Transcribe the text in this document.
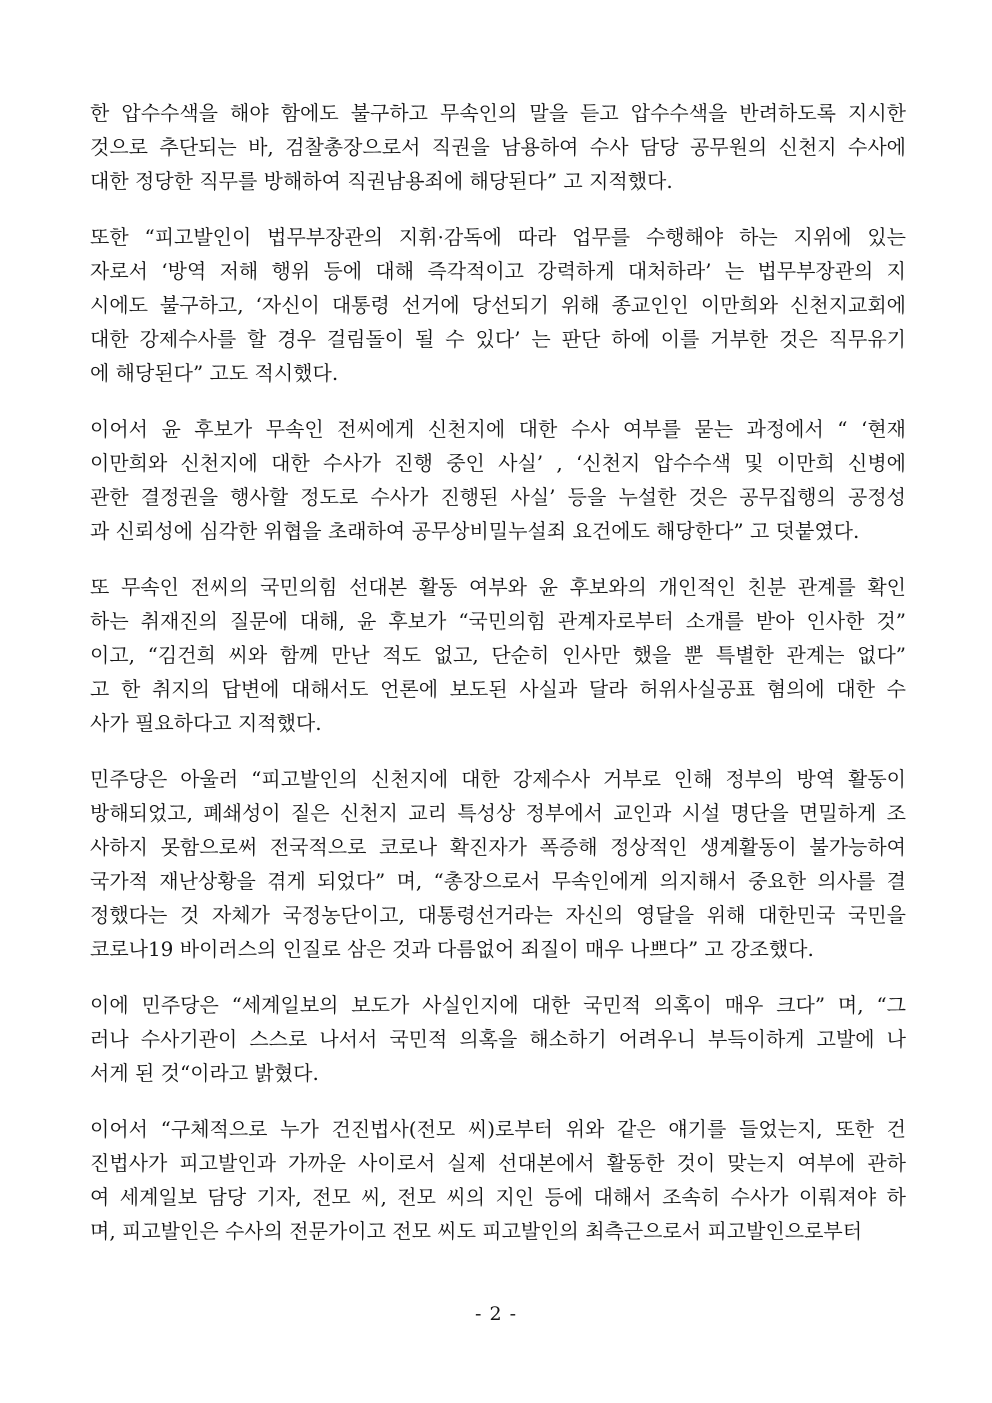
한 압수수색을 해야 함에도 불구하고 무속인의 말을 듣고 압수수색을 반려하도록 지시한
것으로 추단되는 바, 검찰총장으로서 직권을 남용하여 수사 담당 공무원의 신천지 수사에
대한 정당한 직무를 방해하여 직권남용죄에 해당된다” 고 지적했다.
또한 “피고발인이 법무부장관의 지휘·감독에 따라 업무를 수행해야 하는 지위에 있는
자로서 ‘방역 저해 행위 등에 대해 즉각적이고 강력하게 대처하라’ 는 법무부장관의 지
시에도 불구하고, ‘자신이 대통령 선거에 당선되기 위해 종교인인 이만희와 신천지교회에
대한 강제수사를 할 경우 걸림돌이 될 수 있다’ 는 판단 하에 이를 거부한 것은 직무유기
에 해당된다” 고도 적시했다.
이어서 윤 후보가 무속인 전씨에게 신천지에 대한 수사 여부를 묻는 과정에서 “ ‘현재
이만희와 신천지에 대한 수사가 진행 중인 사실’ , ‘신천지 압수수색 및 이만희 신병에
관한 결정권을 행사할 정도로 수사가 진행된 사실’ 등을 누설한 것은 공무집행의 공정성
과 신뢰성에 심각한 위협을 초래하여 공무상비밀누설죄 요건에도 해당한다” 고 덧붙였다.
또 무속인 전씨의 국민의힘 선대본 활동 여부와 윤 후보와의 개인적인 친분 관계를 확인
하는 취재진의 질문에 대해, 윤 후보가 “국민의힘 관계자로부터 소개를 받아 인사한 것”
이고, “김건희 씨와 함께 만난 적도 없고, 단순히 인사만 했을 뿐 특별한 관계는 없다”
고 한 취지의 답변에 대해서도 언론에 보도된 사실과 달라 허위사실공표 혐의에 대한 수
사가 필요하다고 지적했다.
민주당은 아울러 “피고발인의 신천지에 대한 강제수사 거부로 인해 정부의 방역 활동이
방해되었고, 폐쇄성이 짙은 신천지 교리 특성상 정부에서 교인과 시설 명단을 면밀하게 조
사하지 못함으로써 전국적으로 코로나 확진자가 폭증해 정상적인 생계활동이 불가능하여
국가적 재난상황을 겪게 되었다” 며, “총장으로서 무속인에게 의지해서 중요한 의사를 결
정했다는 것 자체가 국정농단이고, 대통령선거라는 자신의 영달을 위해 대한민국 국민을
코로나19 바이러스의 인질로 삼은 것과 다름없어 죄질이 매우 나쁘다” 고 강조했다.
이에 민주당은 “세계일보의 보도가 사실인지에 대한 국민적 의혹이 매우 크다” 며, “그
러나 수사기관이 스스로 나서서 국민적 의혹을 해소하기 어려우니 부득이하게 고발에 나
서게 된 것“이라고 밝혔다.
이어서 “구체적으로 누가 건진법사(전모 씨)로부터 위와 같은 얘기를 들었는지, 또한 건
진법사가 피고발인과 가까운 사이로서 실제 선대본에서 활동한 것이 맞는지 여부에 관하
여 세계일보 담당 기자, 전모 씨, 전모 씨의 지인 등에 대해서 조속히 수사가 이뤄져야 하
며, 피고발인은 수사의 전문가이고 전모 씨도 피고발인의 최측근으로서 피고발인으로부터
- 2 -
